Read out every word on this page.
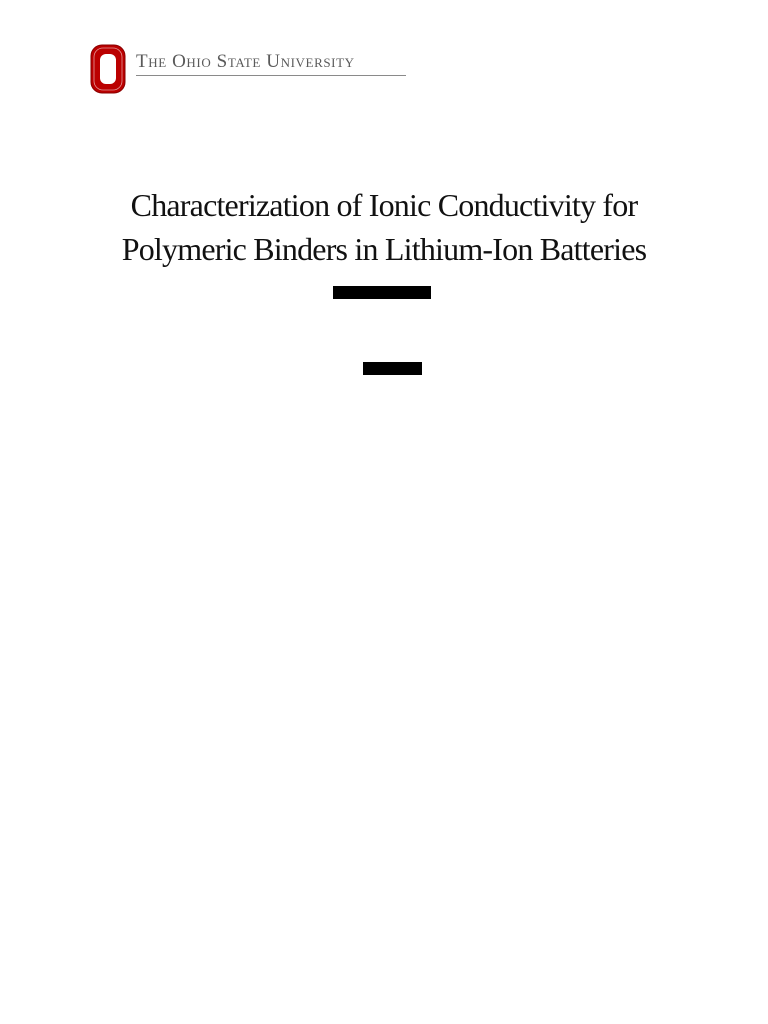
The Ohio State University
Characterization of Ionic Conductivity for
Polymeric Binders in Lithium-Ion Batteries
